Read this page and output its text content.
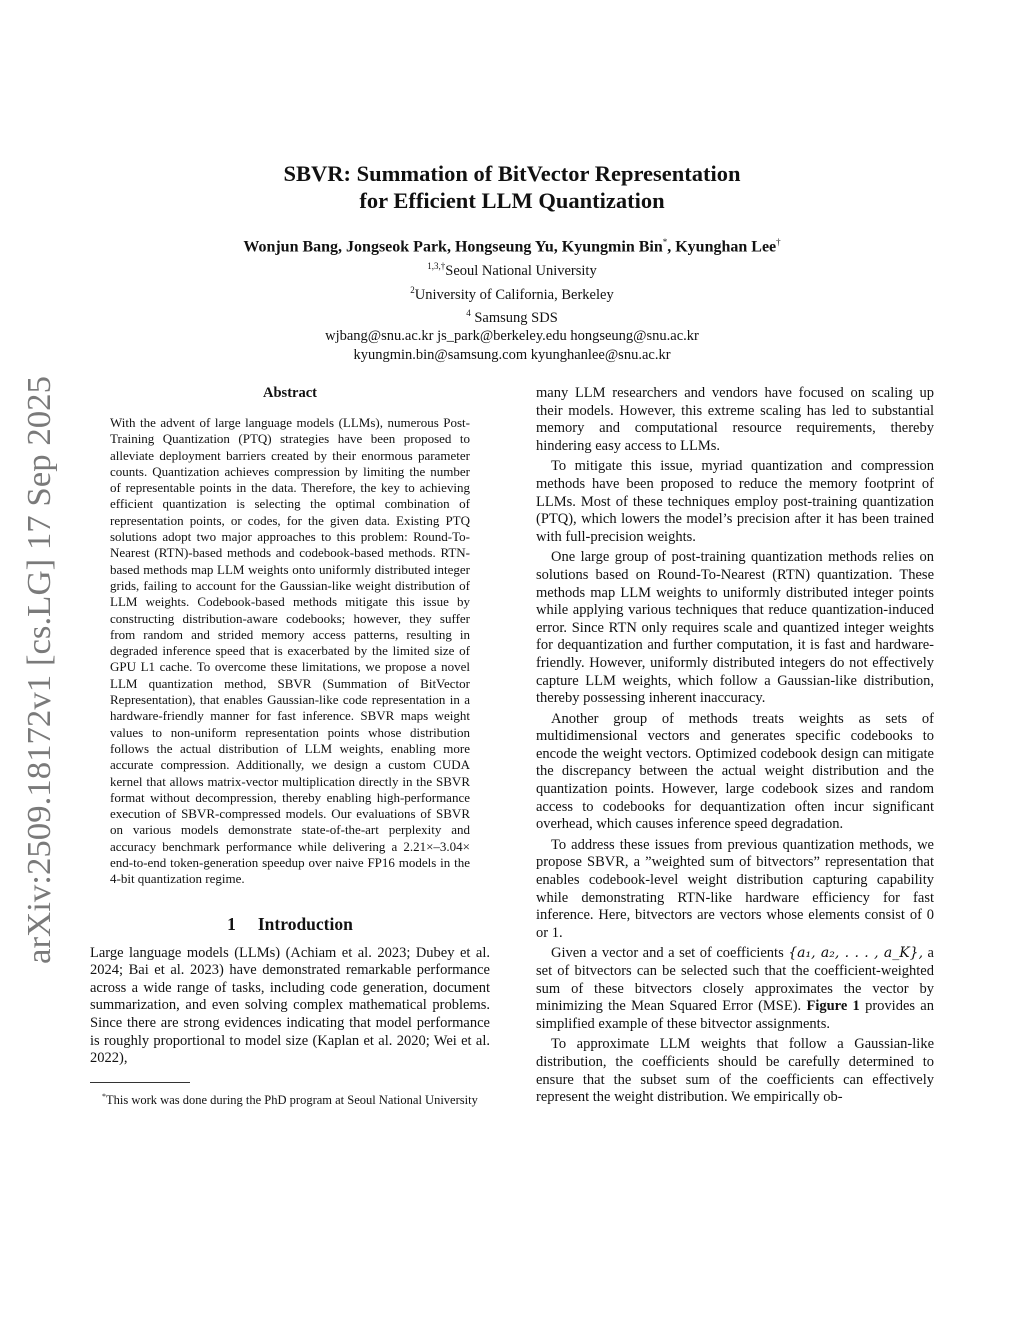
arXiv:2509.18172v1 [cs.LG] 17 Sep 2025
SBVR: Summation of BitVector Representation
for Efficient LLM Quantization
Wonjun Bang, Jongseok Park, Hongseung Yu, Kyungmin Bin*, Kyunghan Lee†
$^{1,3,\dagger}$Seoul National University
$^2$University of California, Berkeley
$^4$ Samsung SDS
wjbang@snu.ac.kr js_park@berkeley.edu hongseung@snu.ac.kr
kyungmin.bin@samsung.com kyunghanlee@snu.ac.kr
Abstract

With the advent of large language models (LLMs), numerous Post-Training Quantization (PTQ) strategies have been proposed to alleviate deployment barriers created by their enormous parameter counts. Quantization achieves compression by limiting the number of representable points in the data. Therefore, the key to achieving efficient quantization is selecting the optimal combination of representation points, or codes, for the given data. Existing PTQ solutions adopt two major approaches to this problem: Round-To-Nearest (RTN)-based methods and codebook-based methods. RTN-based methods map LLM weights onto uniformly distributed integer grids, failing to account for the Gaussian-like weight distribution of LLM weights. Codebook-based methods mitigate this issue by constructing distribution-aware codebooks; however, they suffer from random and strided memory access patterns, resulting in degraded inference speed that is exacerbated by the limited size of GPU L1 cache. To overcome these limitations, we propose a novel LLM quantization method, SBVR (Summation of BitVector Representation), that enables Gaussian-like code representation in a hardware-friendly manner for fast inference. SBVR maps weight values to non-uniform representation points whose distribution follows the actual distribution of LLM weights, enabling more accurate compression. Additionally, we design a custom CUDA kernel that allows matrix-vector multiplication directly in the SBVR format without decompression, thereby enabling high-performance execution of SBVR-compressed models. Our evaluations of SBVR on various models demonstrate state-of-the-art perplexity and accuracy benchmark performance while delivering a 2.21×–3.04× end-to-end token-generation speedup over naive FP16 models in the 4-bit quantization regime.

1 Introduction

Large language models (LLMs) (Achiam et al. 2023; Dubey et al. 2024; Bai et al. 2023) have demonstrated remarkable performance across a wide range of tasks, including code generation, document summarization, and even solving complex mathematical problems. Since there are strong evidences indicating that model performance is roughly proportional to model size (Kaplan et al. 2020; Wei et al. 2022),

*This work was done during the PhD program at Seoul National University

many LLM researchers and vendors have focused on scaling up their models. However, this extreme scaling has led to substantial memory and computational resource requirements, thereby hindering easy access to LLMs.

To mitigate this issue, myriad quantization and compression methods have been proposed to reduce the memory footprint of LLMs. Most of these techniques employ post-training quantization (PTQ), which lowers the model’s precision after it has been trained with full-precision weights.

One large group of post-training quantization methods relies on solutions based on Round-To-Nearest (RTN) quantization. These methods map LLM weights to uniformly distributed integer points while applying various techniques that reduce quantization-induced error. Since RTN only requires scale and quantized integer weights for dequantization and further computation, it is fast and hardware-friendly. However, uniformly distributed integers do not effectively capture LLM weights, which follow a Gaussian-like distribution, thereby possessing inherent inaccuracy.

Another group of methods treats weights as sets of multidimensional vectors and generates specific codebooks to encode the weight vectors. Optimized codebook design can mitigate the discrepancy between the actual weight distribution and the quantization points. However, large codebook sizes and random access to codebooks for dequantization often incur significant overhead, which causes inference speed degradation.

To address these issues from previous quantization methods, we propose SBVR, a ”weighted sum of bitvectors” representation that enables codebook-level weight distribution capturing capability while demonstrating RTN-like hardware efficiency for fast inference. Here, bitvectors are vectors whose elements consist of 0 or 1.

Given a vector and a set of coefficients {a₁, a₂, . . . , a_K}, a set of bitvectors can be selected such that the coefficient-weighted sum of these bitvectors closely approximates the vector by minimizing the Mean Squared Error (MSE). Figure 1 provides an simplified example of these bitvector assignments.

To approximate LLM weights that follow a Gaussian-like distribution, the coefficients should be carefully determined to ensure that the subset sum of the coefficients can effectively represent the weight distribution. We empirically ob-
